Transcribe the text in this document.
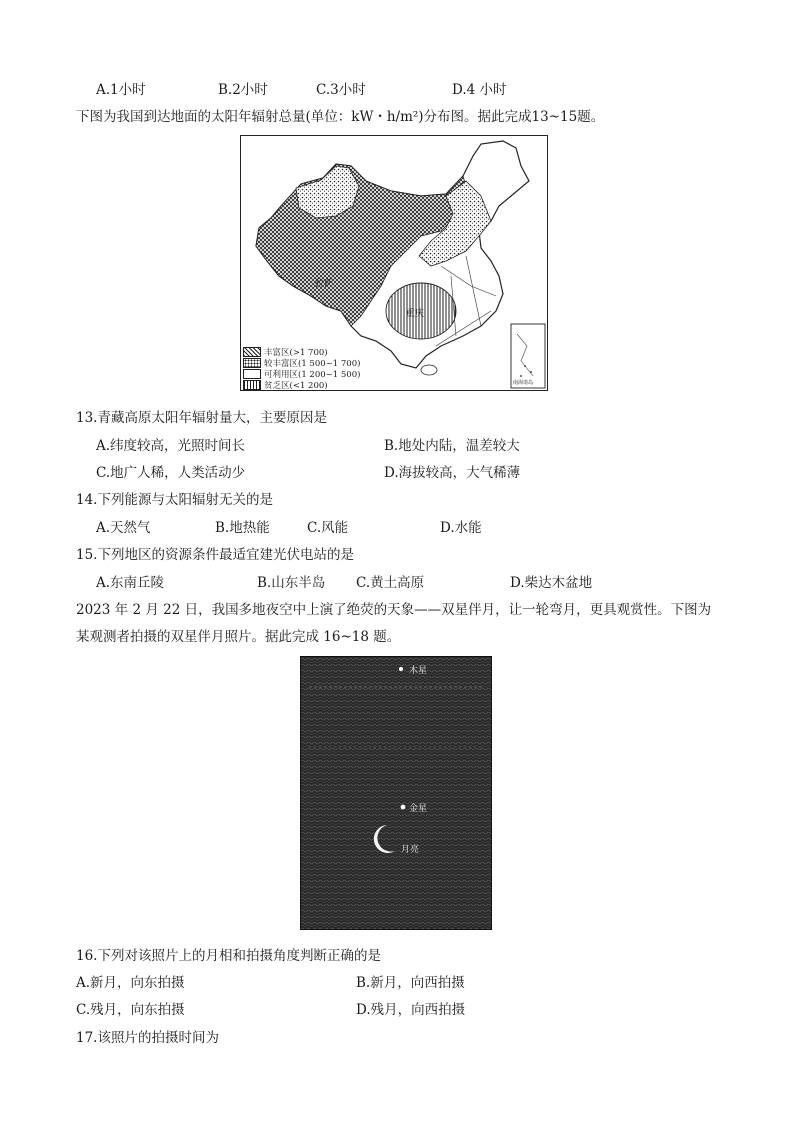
A.1小时	B.2小时	C.3小时	D.4 小时
下图为我国到达地面的太阳年辐射总量(单位：kW・h/m²)分布图。据此完成13~15题。
拉萨
重庆
南海诸岛
丰富区(>1 700)
较丰富区(1 500~1 700)
可利用区(1 200~1 500)
贫乏区(<1 200)
13.青藏高原太阳年辐射量大，主要原因是
A.纬度较高，光照时间长	B.地处内陆，温差较大
C.地广人稀，人类活动少	D.海拔较高，大气稀薄
14.下列能源与太阳辐射无关的是
A.天然气	B.地热能	C.风能	D.水能
15.下列地区的资源条件最适宜建光伏电站的是
A.东南丘陵	B.山东半岛 C.黄土高原	D.柴达木盆地
2023 年 2 月 22 日，我国多地夜空中上演了绝荧的天象——双星伴月，让一轮弯月，更具观赏性。下图为
某观测者拍摄的双星伴月照片。据此完成 16~18 题。
木星
金星
月亮
16.下列对该照片上的月相和拍摄角度判断正确的是
A.新月，向东拍摄	B.新月，向西拍摄
C.残月，向东拍摄	D.残月，向西拍摄
17.该照片的拍摄时间为
